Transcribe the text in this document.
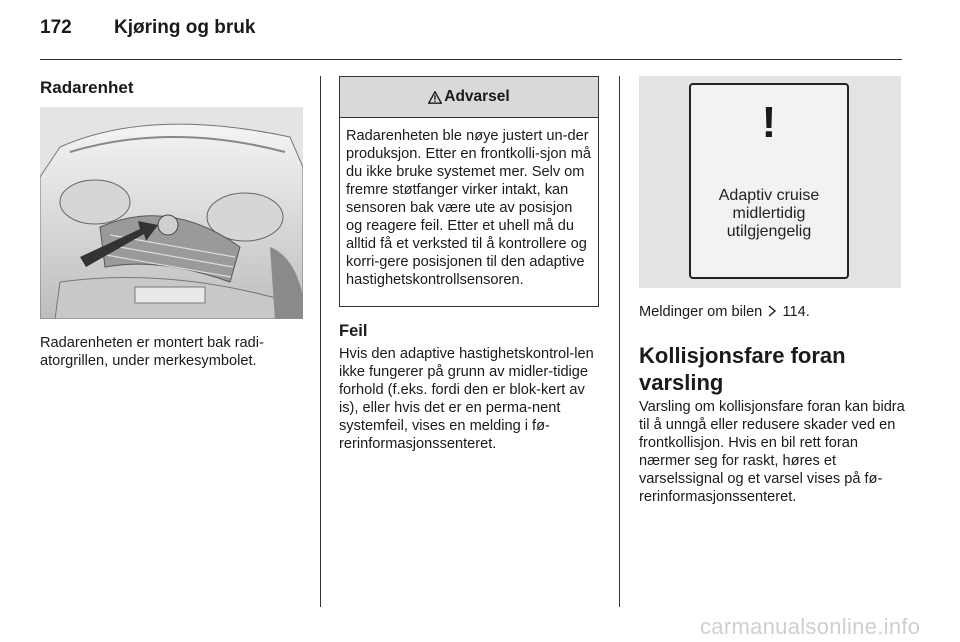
172 Kjøring og bruk
Radarenhet
Radarenheten er montert bak radi-atorgrillen, under merkesymbolet.
Advarsel
Radarenheten ble nøye justert un-der produksjon. Etter en frontkolli-sjon må du ikke bruke systemet mer. Selv om fremre støtfanger virker intakt, kan sensoren bak være ute av posisjon og reagere feil. Etter et uhell må du alltid få et verksted til å kontrollere og korri-gere posisjonen til den adaptive hastighetskontrollsensoren.
Feil
Hvis den adaptive hastighetskontrol-len ikke fungerer på grunn av midler-tidige forhold (f.eks. fordi den er blok-kert av is), eller hvis det er en perma-nent systemfeil, vises en melding i fø-rerinformasjonssenteret.
!
Adaptiv cruise
midlertidig
utilgjengelig
Meldinger om bilen 114.
Kollisjonsfare foran varsling
Varsling om kollisjonsfare foran kan bidra til å unngå eller redusere skader ved en frontkollisjon. Hvis en bil rett foran nærmer seg for raskt, høres et varselssignal og et varsel vises på fø-rerinformasjonssenteret.
carmanualsonline.info
